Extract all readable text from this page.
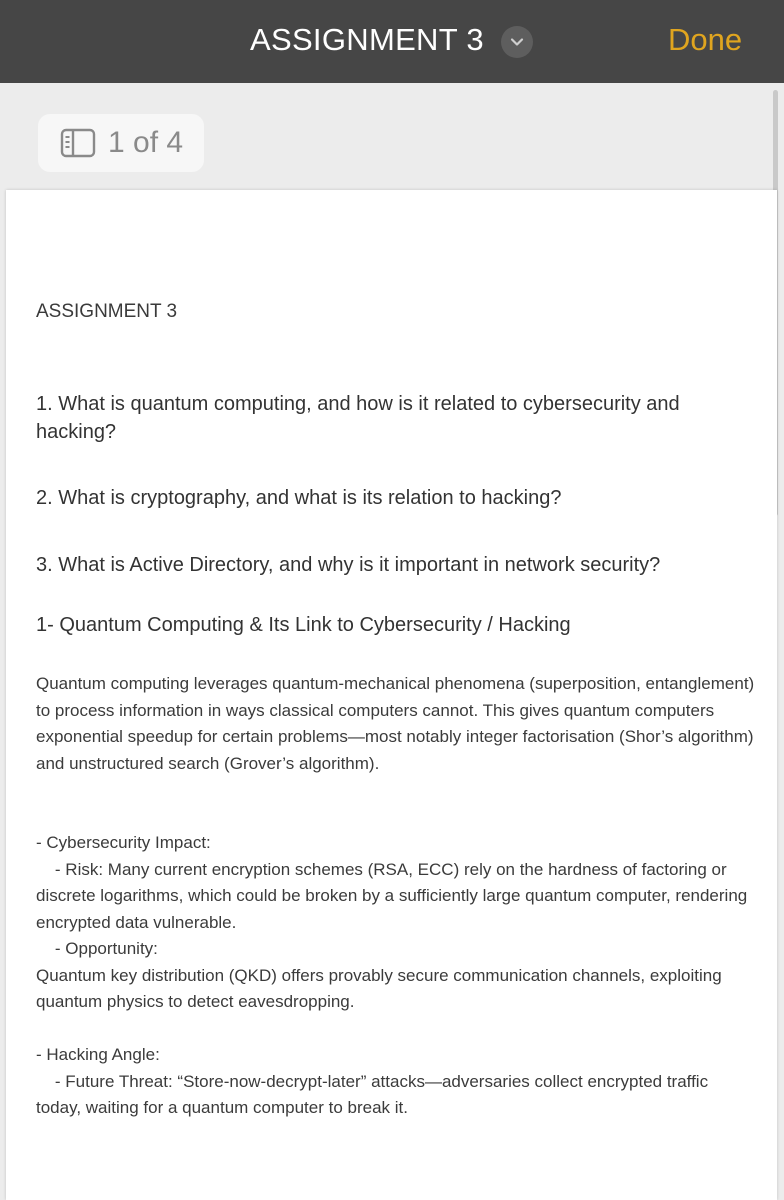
ASSIGNMENT 3	Done
1 of 4

ASSIGNMENT 3

1. What is quantum computing, and how is it related to cybersecurity and hacking?

2. What is cryptography, and what is its relation to hacking?

3. What is Active Directory, and why is it important in network security?

1- Quantum Computing & Its Link to Cybersecurity / Hacking

Quantum computing leverages quantum-mechanical phenomena (superposition, entanglement) to process information in ways classical computers cannot. This gives quantum computers exponential speedup for certain problems—most notably integer factorisation (Shor’s algorithm) and unstructured search (Grover’s algorithm).

- Cybersecurity Impact:
- Risk: Many current encryption schemes (RSA, ECC) rely on the hardness of factoring or discrete logarithms, which could be broken by a sufficiently large quantum computer, rendering encrypted data vulnerable.
- Opportunity:
Quantum key distribution (QKD) offers provably secure communication channels, exploiting quantum physics to detect eavesdropping.

- Hacking Angle:
- Future Threat: “Store-now-decrypt-later” attacks—adversaries collect encrypted traffic today, waiting for a quantum computer to break it.
